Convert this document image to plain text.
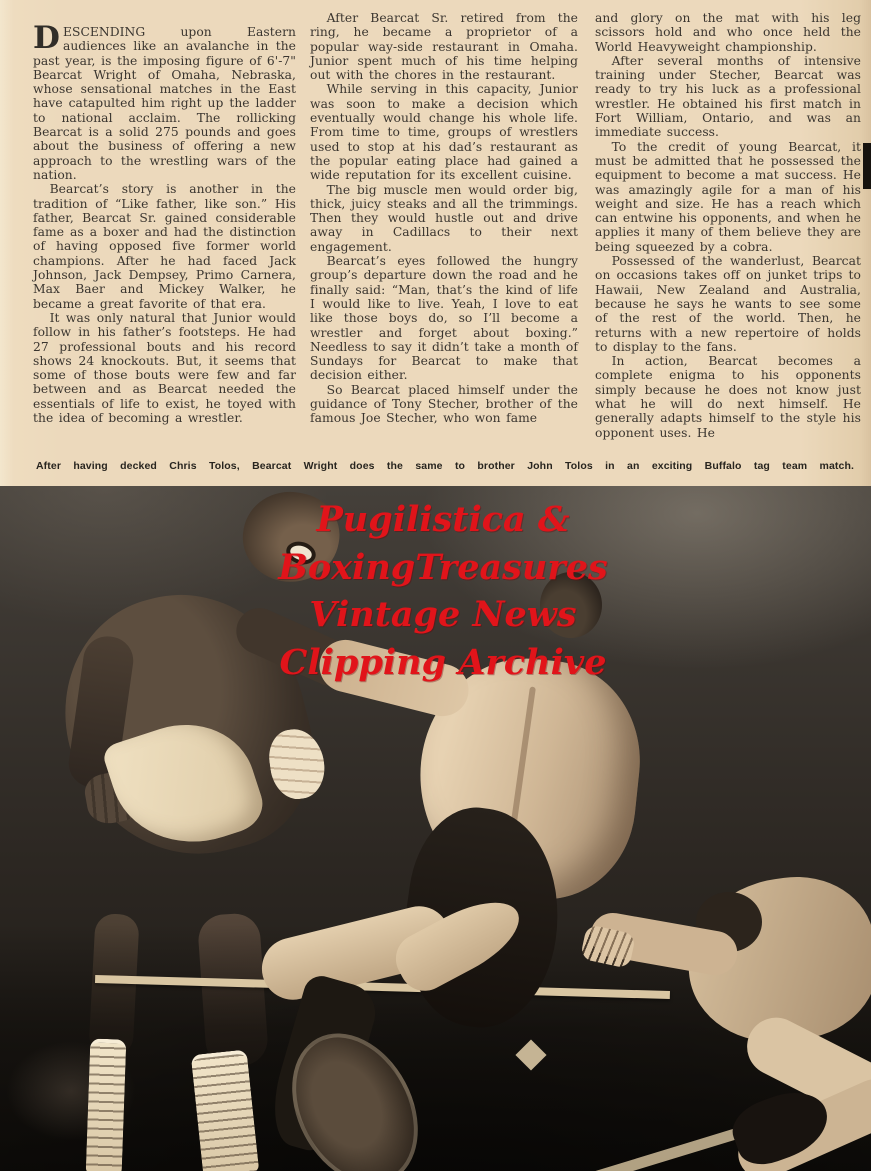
DESCENDING upon Eastern audiences like an avalanche in the past year, is the imposing figure of 6'-7" Bearcat Wright of Omaha, Nebraska, whose sensational matches in the East have catapulted him right up the ladder to national acclaim. The rollicking Bearcat is a solid 275 pounds and goes about the business of offering a new approach to the wrestling wars of the nation.

Bearcat’s story is another in the tradition of “Like father, like son.” His father, Bearcat Sr. gained considerable fame as a boxer and had the distinction of having opposed five former world champions. After he had faced Jack Johnson, Jack Dempsey, Primo Carnera, Max Baer and Mickey Walker, he became a great favorite of that era.

It was only natural that Junior would follow in his father’s footsteps. He had 27 professional bouts and his record shows 24 knockouts. But, it seems that some of those bouts were few and far between and as Bearcat needed the essentials of life to exist, he toyed with the idea of becoming a wrestler.

After Bearcat Sr. retired from the ring, he became a proprietor of a popular way-side restaurant in Omaha. Junior spent much of his time helping out with the chores in the restaurant.

While serving in this capacity, Junior was soon to make a decision which eventually would change his whole life. From time to time, groups of wrestlers used to stop at his dad’s restaurant as the popular eating place had gained a wide reputation for its excellent cuisine.

The big muscle men would order big, thick, juicy steaks and all the trimmings. Then they would hustle out and drive away in Cadillacs to their next engagement.

Bearcat’s eyes followed the hungry group’s departure down the road and he finally said: “Man, that’s the kind of life I would like to live. Yeah, I love to eat like those boys do, so I’ll become a wrestler and forget about boxing.” Needless to say it didn’t take a month of Sundays for Bearcat to make that decision either.

So Bearcat placed himself under the guidance of Tony Stecher, brother of the famous Joe Stecher, who won fame

and glory on the mat with his leg scissors hold and who once held the World Heavyweight championship.

After several months of intensive training under Stecher, Bearcat was ready to try his luck as a professional wrestler. He obtained his first match in Fort William, Ontario, and was an immediate success.

To the credit of young Bearcat, it must be admitted that he possessed the equipment to become a mat success. He was amazingly agile for a man of his weight and size. He has a reach which can entwine his opponents, and when he applies it many of them believe they are being squeezed by a cobra.

Possessed of the wanderlust, Bearcat on occasions takes off on junket trips to Hawaii, New Zealand and Australia, because he says he wants to see some of the rest of the world. Then, he returns with a new repertoire of holds to display to the fans.

In action, Bearcat becomes a complete enigma to his opponents simply because he does not know just what he will do next himself. He generally adapts himself to the style his opponent uses. He

After having decked Chris Tolos, Bearcat Wright does the same to brother John Tolos in an exciting Buffalo tag team match.
Pugilistica &
BoxingTreasures
Vintage News
Clipping Archive
